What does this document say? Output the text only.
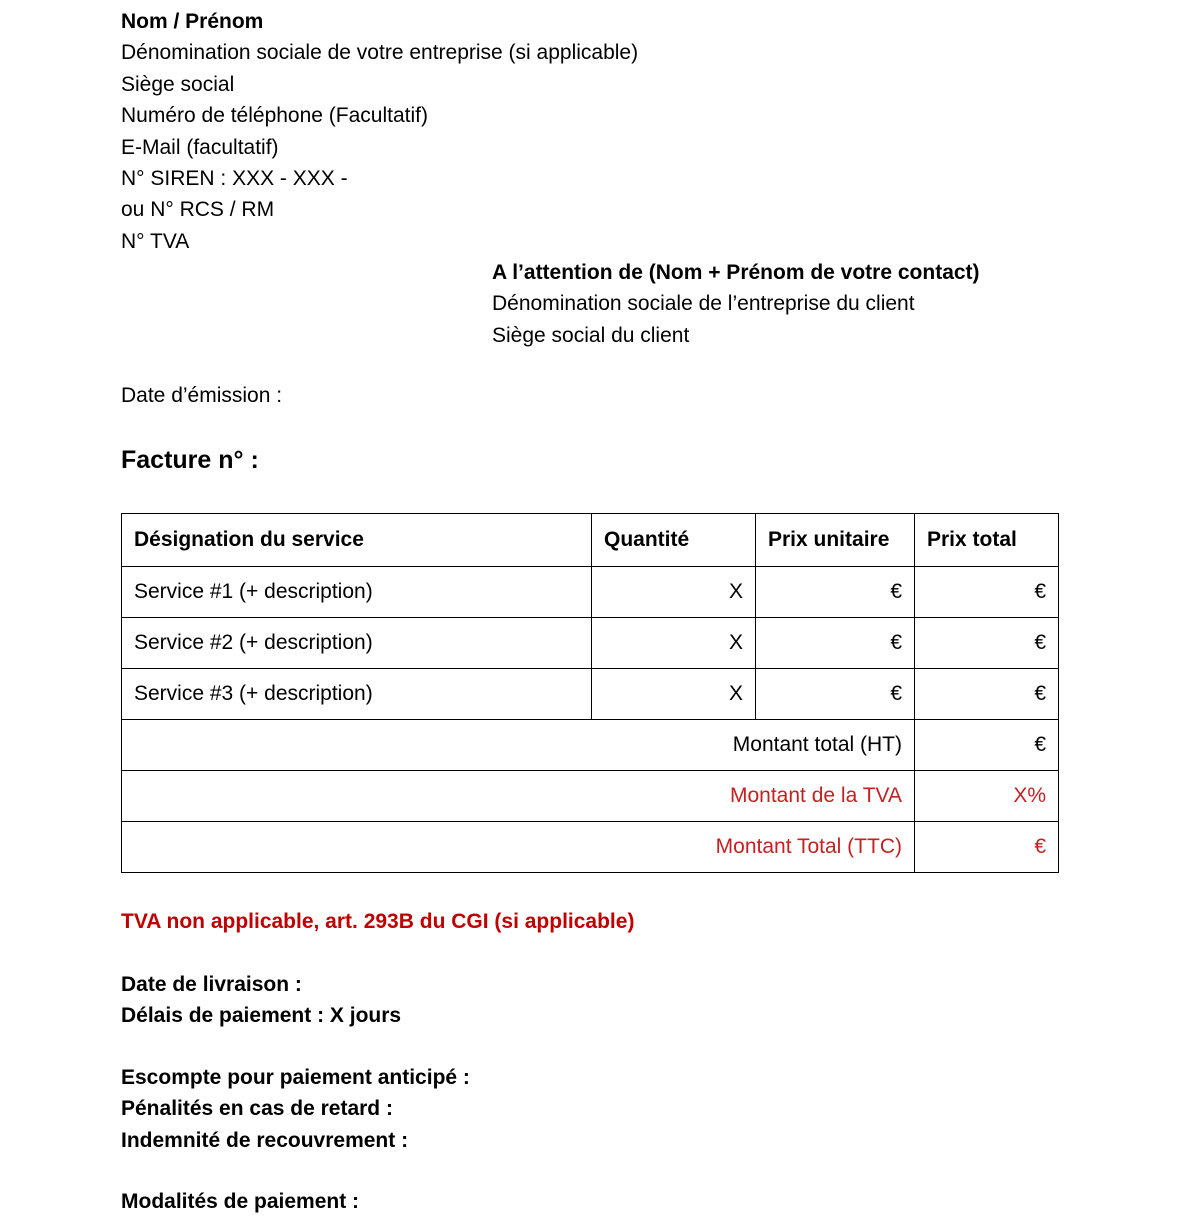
Nom / Prénom
Dénomination sociale de votre entreprise (si applicable)
Siège social
Numéro de téléphone (Facultatif)
E-Mail (facultatif)
N° SIREN : XXX - XXX -
ou N° RCS / RM
N° TVA
A l’attention de (Nom + Prénom de votre contact)
Dénomination sociale de l’entreprise du client
Siège social du client
Date d’émission :
Facture n° :
Désignation du service	Quantité	Prix unitaire	Prix total
Service #1 (+ description)	X	€	€
Service #2 (+ description)	X	€	€
Service #3 (+ description)	X	€	€
Montant total (HT)			€
Montant de la TVA			X%
Montant Total (TTC)			€
TVA non applicable, art. 293B du CGI (si applicable)
Date de livraison :
Délais de paiement : X jours
Escompte pour paiement anticipé :
Pénalités en cas de retard :
Indemnité de recouvrement :
Modalités de paiement :
